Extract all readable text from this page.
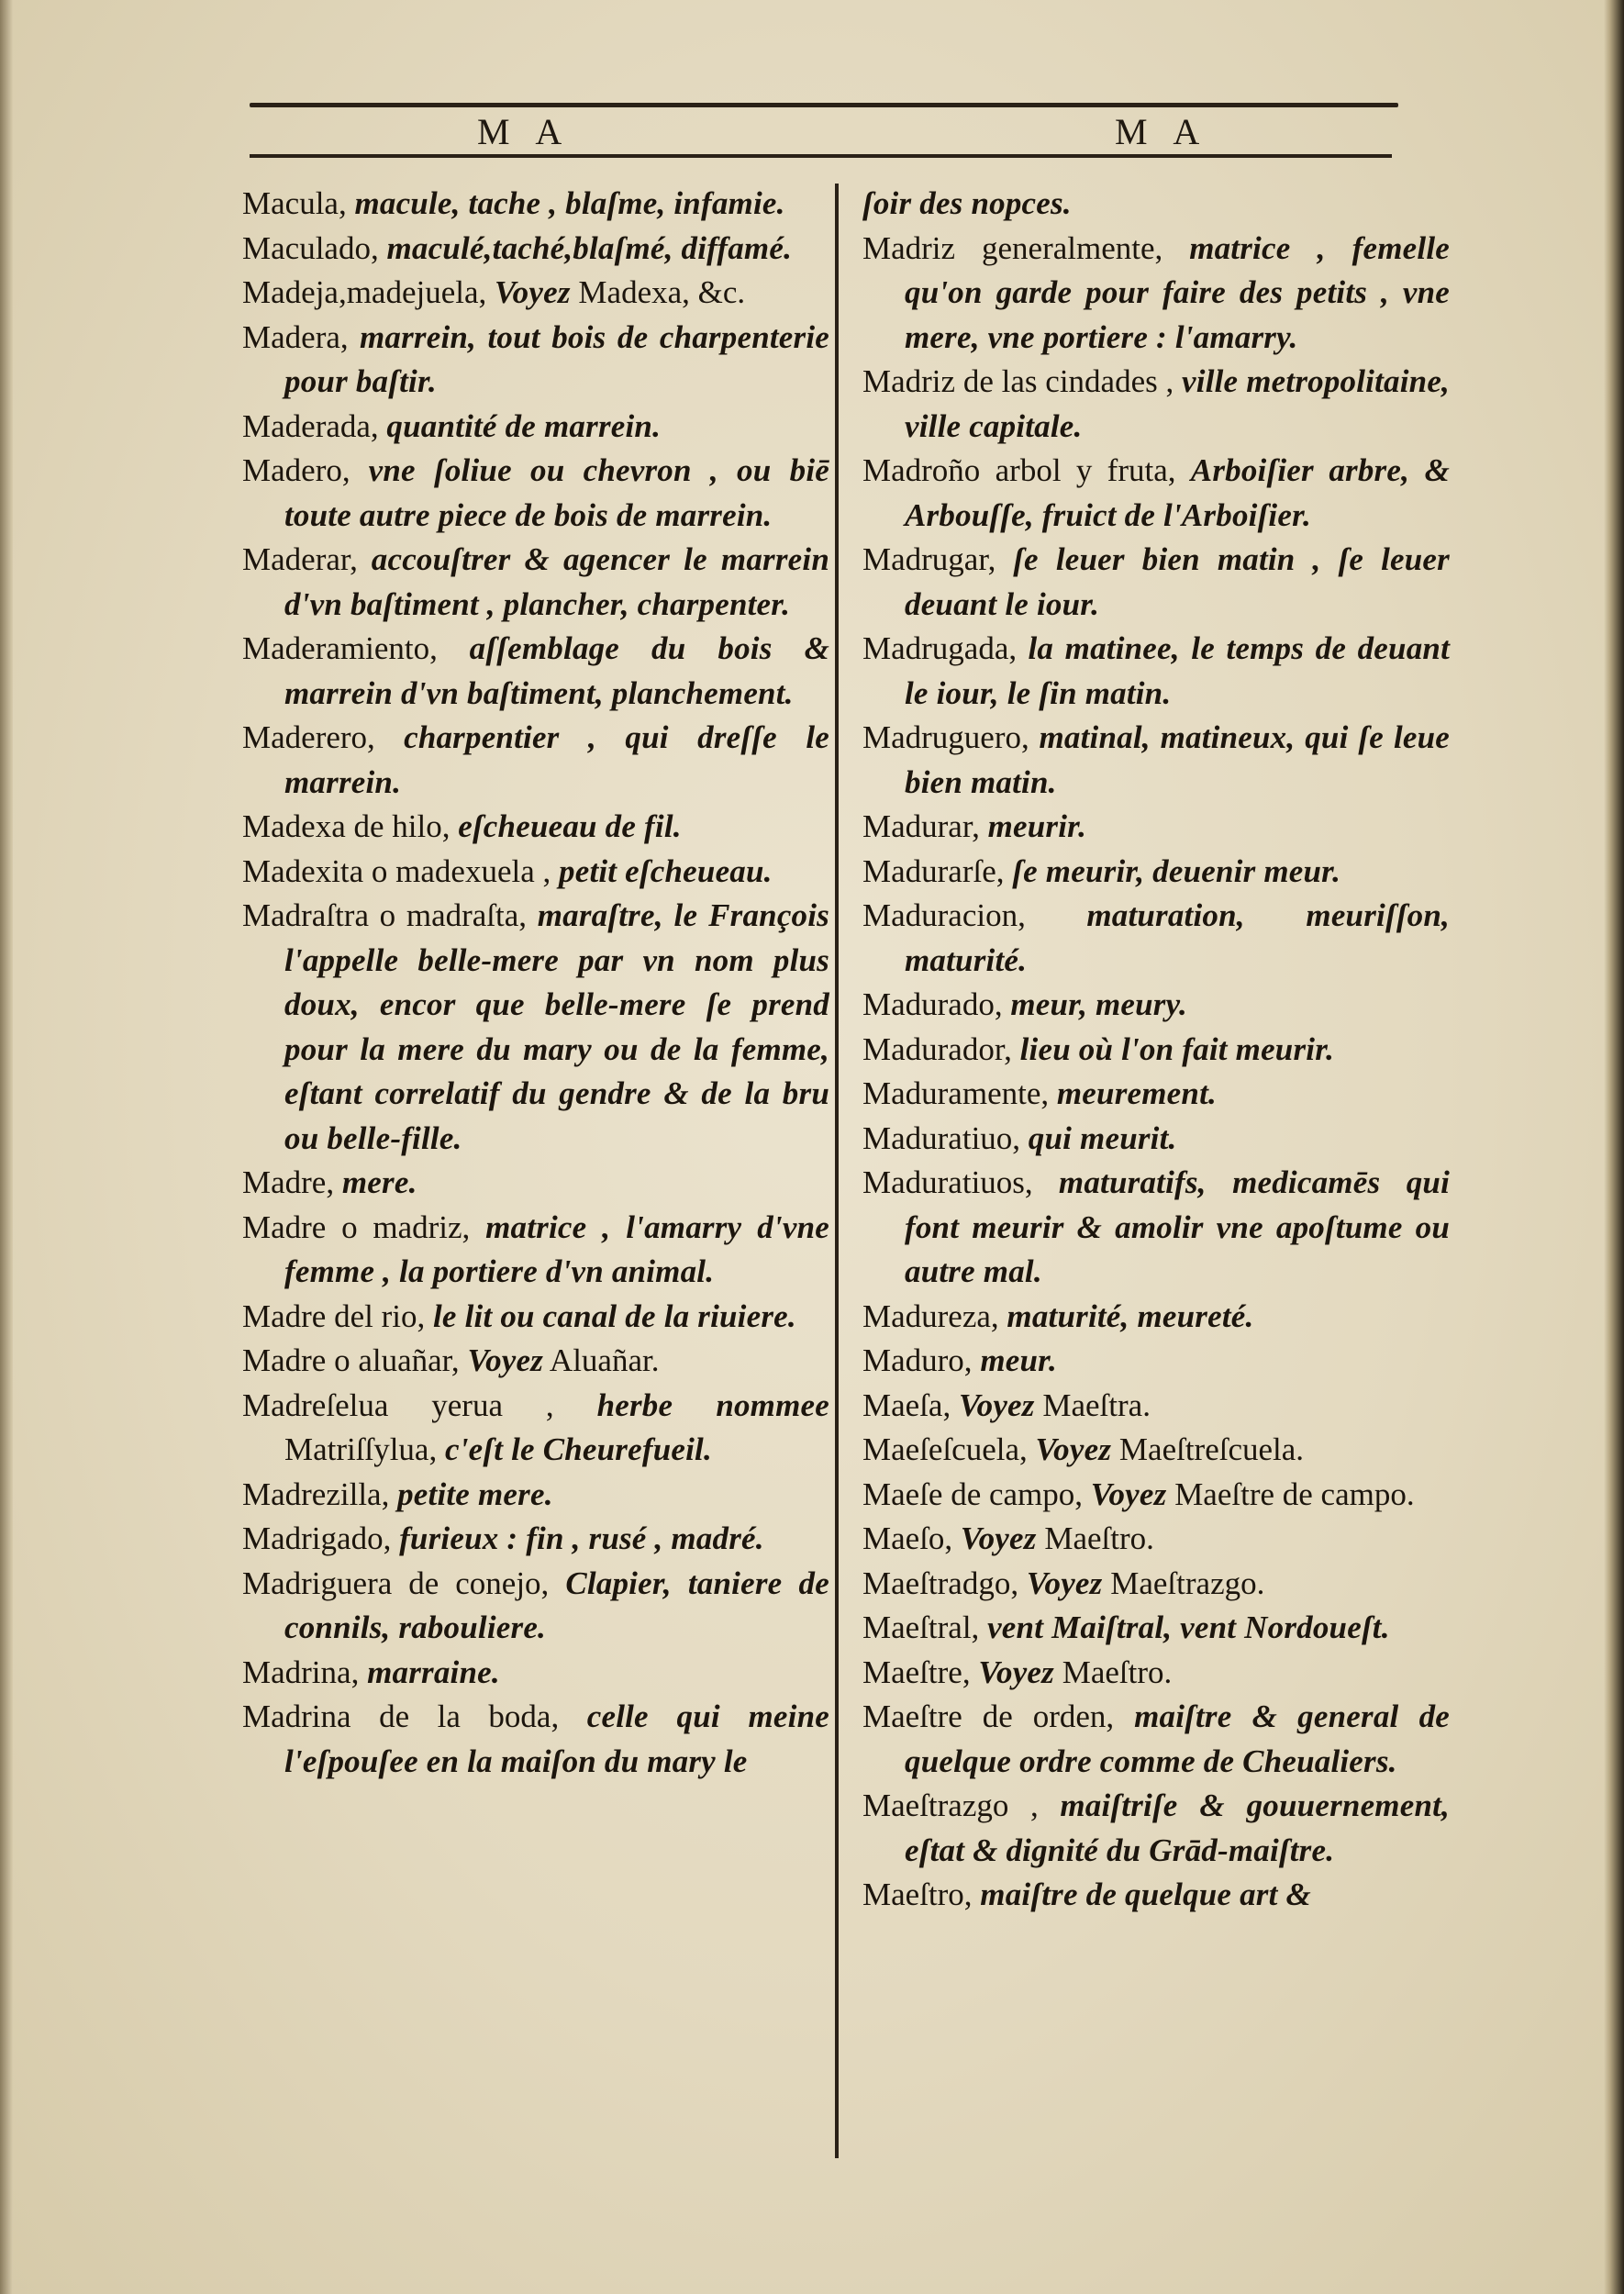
M A	M A

Macula, macule, tache , blaſme, infamie.

Maculado, maculé,taché,blaſmé, diffamé.

Madeja,madejuela, Voyez Madexa, &c.

Madera, marrein, tout bois de charpenterie pour baſtir.

Maderada, quantité de marrein.

Madero, vne ſoliue ou chevron , ou biē toute autre piece de bois de marrein.

Maderar, accouſtrer & agencer le marrein d'vn baſtiment , plancher, charpenter.

Maderamiento, aſſemblage du bois & marrein d'vn baſtiment, planchement.

Maderero, charpentier , qui dreſſe le marrein.

Madexa de hilo, eſcheueau de fil.

Madexita o madexuela , petit eſcheueau.

Madraſtra o madraſta, maraſtre, le François l'appelle belle-mere par vn nom plus doux, encor que belle-mere ſe prend pour la mere du mary ou de la femme, eſtant correlatif du gendre & de la bru ou belle-fille.

Madre, mere.

Madre o madriz, matrice , l'amarry d'vne femme , la portiere d'vn animal.

Madre del rio, le lit ou canal de la riuiere.

Madre o aluañar, Voyez Aluañar.

Madreſelua yerua , herbe nommee Matriſſylua, c'eſt le Cheurefueil.

Madrezilla, petite mere.

Madrigado, furieux : fin , rusé , madré.

Madriguera de conejo, Clapier, taniere de connils, rabouliere.

Madrina, marraine.

Madrina de la boda, celle qui meine l'eſpouſee en la maiſon du mary le

ſoir des nopces.

Madriz generalmente, matrice , femelle qu'on garde pour faire des petits , vne mere, vne portiere : l'amarry.

Madriz de las cindades , ville metropolitaine, ville capitale.

Madroño arbol y fruta, Arboiſier arbre, & Arbouſſe, fruict de l'Arboiſier.

Madrugar, ſe leuer bien matin , ſe leuer deuant le iour.

Madrugada, la matinee, le temps de deuant le iour, le ſin matin.

Madruguero, matinal, matineux, qui ſe leue bien matin.

Madurar, meurir.

Madurarſe, ſe meurir, deuenir meur.

Maduracion, maturation, meuriſſon, maturité.

Madurado, meur, meury.

Madurador, lieu où l'on fait meurir.

Maduramente, meurement.

Maduratiuo, qui meurit.

Maduratiuos, maturatifs, medicamēs qui font meurir & amolir vne apoſtume ou autre mal.

Madureza, maturité, meureté.

Maduro, meur.

Maeſa, Voyez Maeſtra.

Maeſeſcuela, Voyez Maeſtreſcuela.

Maeſe de campo, Voyez Maeſtre de campo.

Maeſo, Voyez Maeſtro.

Maeſtradgo, Voyez Maeſtrazgo.

Maeſtral, vent Maiſtral, vent Nordoueſt.

Maeſtre, Voyez Maeſtro.

Maeſtre de orden, maiſtre & general de quelque ordre comme de Cheualiers.

Maeſtrazgo , maiſtriſe & gouuernement, eſtat & dignité du Grād-maiſtre.

Maeſtro, maiſtre de quelque art &
